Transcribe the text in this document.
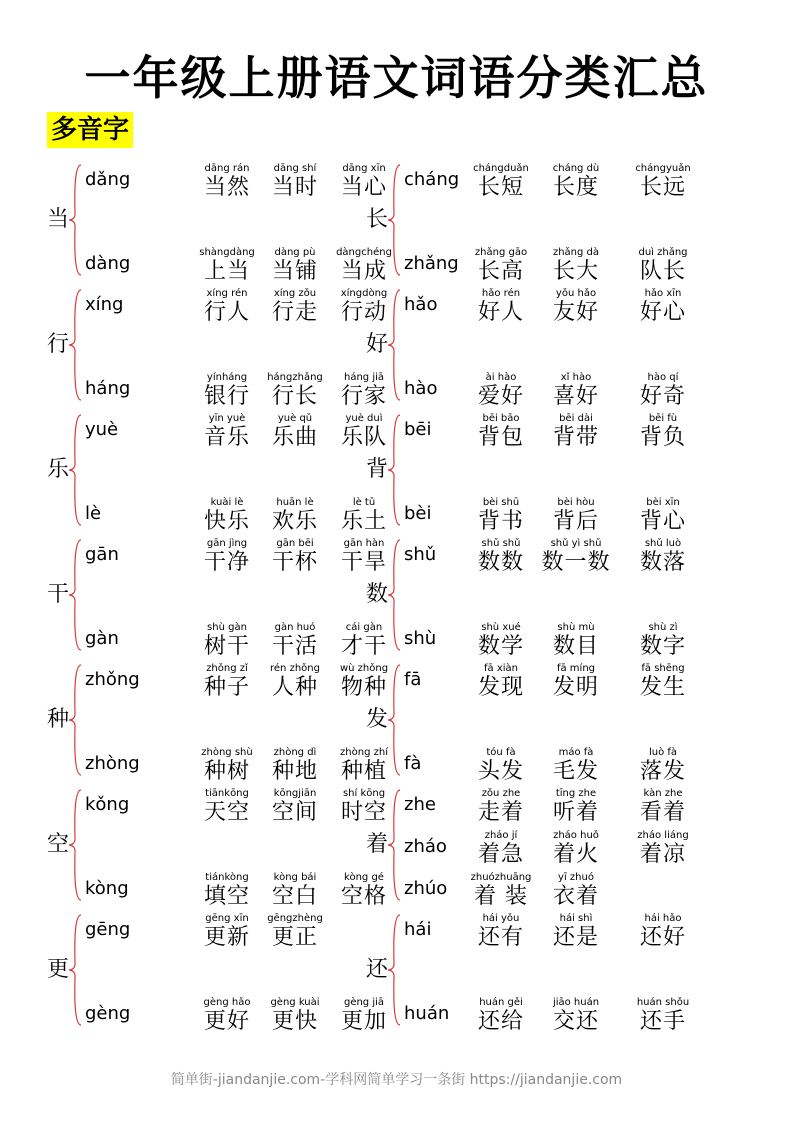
一年级上册语文词语分类汇总
多音字
当
dǎng
dāng rán
当然
dāng shí
当时
dāng xīn
当心
dàng
shàngdàng
上当
dàng pù
当铺
dàngchéng
当成
行
xíng
xíng rén
行人
xíng zǒu
行走
xíngdòng
行动
háng
yínháng
银行
hángzhǎng
行长
háng jiā
行家
乐
yuè
yīn yuè
音乐
yuè qǔ
乐曲
yuè duì
乐队
lè
kuài lè
快乐
huān lè
欢乐
lè tǔ
乐土
干
gān
gān jìng
干净
gān bēi
干杯
gān hàn
干旱
gàn
shù gàn
树干
gàn huó
干活
cái gàn
才干
种
zhǒng
zhǒng zǐ
种子
rén zhǒng
人种
wù zhǒng
物种
zhòng
zhòng shù
种树
zhòng dì
种地
zhòng zhí
种植
空
kǒng
tiānkōng
天空
kōngjiān
空间
shí kōng
时空
kòng
tiánkòng
填空
kòng bái
空白
kòng gé
空格
更
gēng
gēng xīn
更新
gēngzhèng
更正
gèng
gèng hǎo
更好
gèng kuài
更快
gèng jiā
更加
长
cháng
chángduǎn
长短
cháng dù
长度
chángyuǎn
长远
zhǎng
zhǎng gāo
长高
zhǎng dà
长大
duì zhǎng
队长
好
hǎo
hǎo rén
好人
yǒu hǎo
友好
hǎo xīn
好心
hào
ài hào
爱好
xǐ hào
喜好
hào qí
好奇
背
bēi
bēi bāo
背包
bēi dài
背带
bēi fù
背负
bèi
bèi shū
背书
bèi hòu
背后
bèi xīn
背心
数
shǔ
shǔ shǔ
数数
shǔ yì shǔ
数一数
shǔ luò
数落
shù
shù xué
数学
shù mù
数目
shù zì
数字
发
fā
fā xiàn
发现
fā míng
发明
fā shēng
发生
fà
tóu fà
头发
máo fà
毛发
luò fà
落发
着
zhe
zǒu zhe
走着
tīng zhe
听着
kàn zhe
看着
zháo
zháo jí
着急
zháo huǒ
着火
zháo liáng
着凉
zhúo
zhuózhuāng
着 装
yī zhuó
衣着
还
hái
hái yǒu
还有
hái shì
还是
hái hǎo
还好
huán
huán gěi
还给
jiāo huán
交还
huán shǒu
还手
简单街-jiandanjie.com-学科网简单学习一条街 https://jiandanjie.com
